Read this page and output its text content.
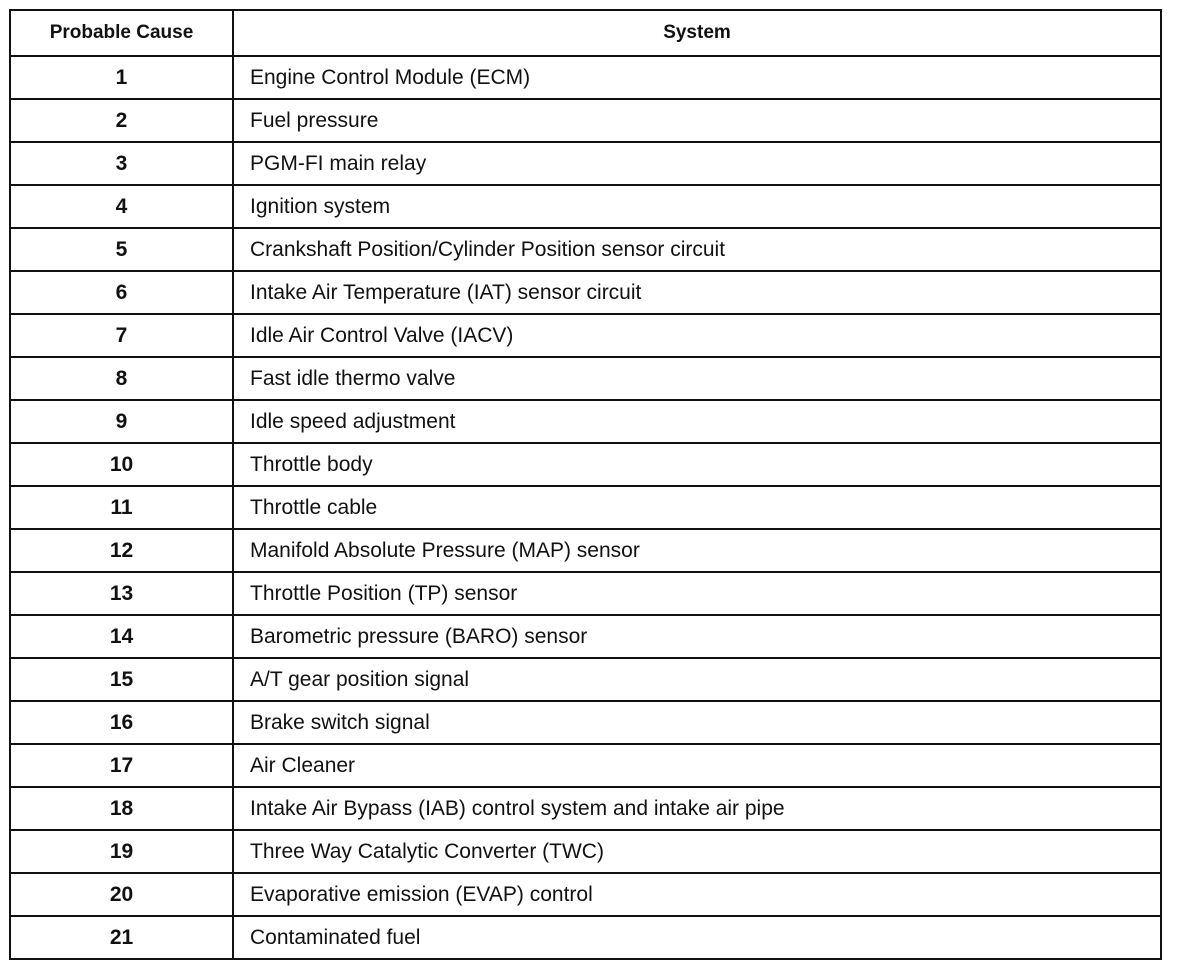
Probable Cause	System
1	Engine Control Module (ECM)
2	Fuel pressure
3	PGM-FI main relay
4	Ignition system
5	Crankshaft Position/Cylinder Position sensor circuit
6	Intake Air Temperature (IAT) sensor circuit
7	Idle Air Control Valve (IACV)
8	Fast idle thermo valve
9	Idle speed adjustment
10	Throttle body
11	Throttle cable
12	Manifold Absolute Pressure (MAP) sensor
13	Throttle Position (TP) sensor
14	Barometric pressure (BARO) sensor
15	A/T gear position signal
16	Brake switch signal
17	Air Cleaner
18	Intake Air Bypass (IAB) control system and intake air pipe
19	Three Way Catalytic Converter (TWC)
20	Evaporative emission (EVAP) control
21	Contaminated fuel
